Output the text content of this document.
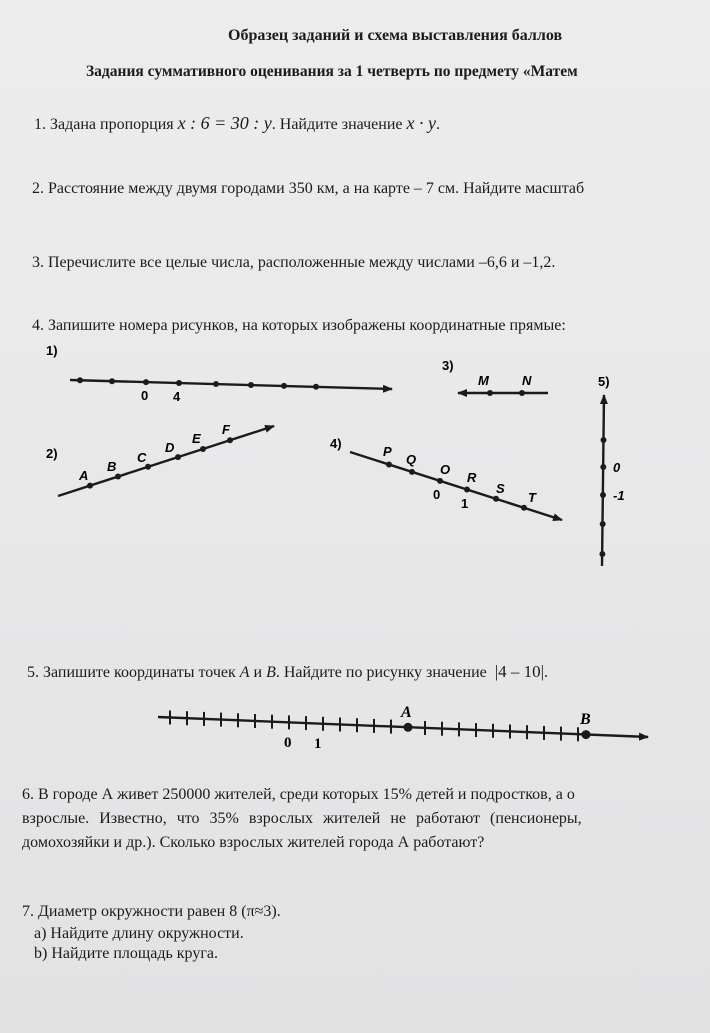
Образец заданий и схема выставления баллов
Задания суммативного оценивания за 1 четверть по предмету «Матем
1. Задана пропорция x : 6 = 30 : y. Найдите значение x · y.
2. Расстояние между двумя городами 350 км, а на карте – 7 см. Найдите масштаб
3. Перечислите все целые числа, расположенные между числами –6,6 и –1,2.
4. Запишите номера рисунков, на которых изображены координатные прямые:
1)
0 4
2)
A
B
C
D
E
F
3)
M	N
4)
P
Q
O
R
S
T
0
1
5)
0
-1
A	B
0 1
5. Запишите координаты точек A и B. Найдите по рисунку значение |4 – 10|.
6. В городе А живет 250000 жителей, среди которых 15% детей и подростков, а о
взрослые. Известно, что 35% взрослых жителей не работают (пенсионеры,
домохозяйки и др.). Сколько взрослых жителей города А работают?
7. Диаметр окружности равен 8 (π≈3).
a) Найдите длину окружности.
b) Найдите площадь круга.
